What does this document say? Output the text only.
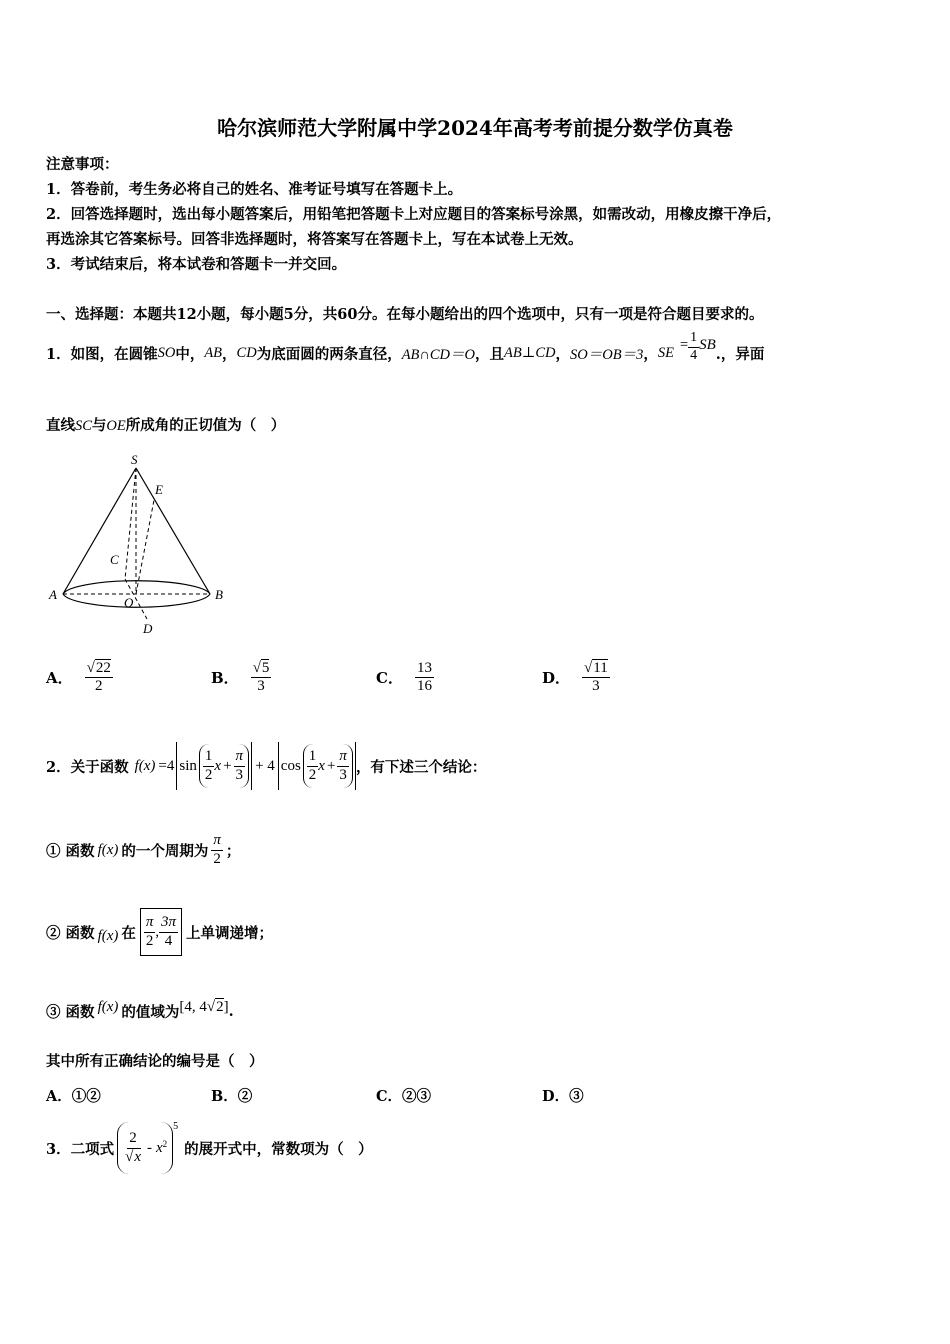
哈尔滨师范大学附属中学2024年高考考前提分数学仿真卷
注意事项：
1．答卷前，考生务必将自己的姓名、准考证号填写在答题卡上。
2．回答选择题时，选出每小题答案后，用铅笔把答题卡上对应题目的答案标号涂黑，如需改动，用橡皮擦干净后，
再选涂其它答案标号。回答非选择题时，将答案写在答题卡上，写在本试卷上无效。
3．考试结束后，将本试卷和答题卡一并交回。
一、选择题：本题共12小题，每小题5分，共60分。在每小题给出的四个选项中，只有一项是符合题目要求的。
1．如图，在圆锥 SO 中， AB ， CD 为底面圆的两条直径， AB∩CD＝O ，且 AB⊥CD ， SO＝OB＝3 ， SE = $\frac{1}{4}$ SB
.，异面
直线SC与OE所成角的正切值为（　）
S
E
C
A
O
B
D
A． $\frac{√22}{2}$	B． $\frac{√5}{3}$	C． $\frac{13}{16}$	D． $\frac{√11}{3}$
2．关于函数 f(x) =4 $\sin \frac{1}{2}$ $x + \frac{\pi}{3} + 4$ $\cos \frac{1}{2}$ $x + \frac{\pi}{3}$ ，有下述三个结论：
① 函数 f(x) 的一个周期为 $\frac{\pi}{2}$ ；
② 函数 f(x) 在 $\frac{\pi}{2}$ , $\frac{3\pi}{4}$ 上单调递增；
③ 函数 f(x) 的值域为 [4, 4√2] .
其中所有正确结论的编号是（　）
A．①②	B．②	C．②③	D．③
3．二项式 $\frac{2}{√x} - x^2$
$^5$
的展开式中，常数项为（　）
